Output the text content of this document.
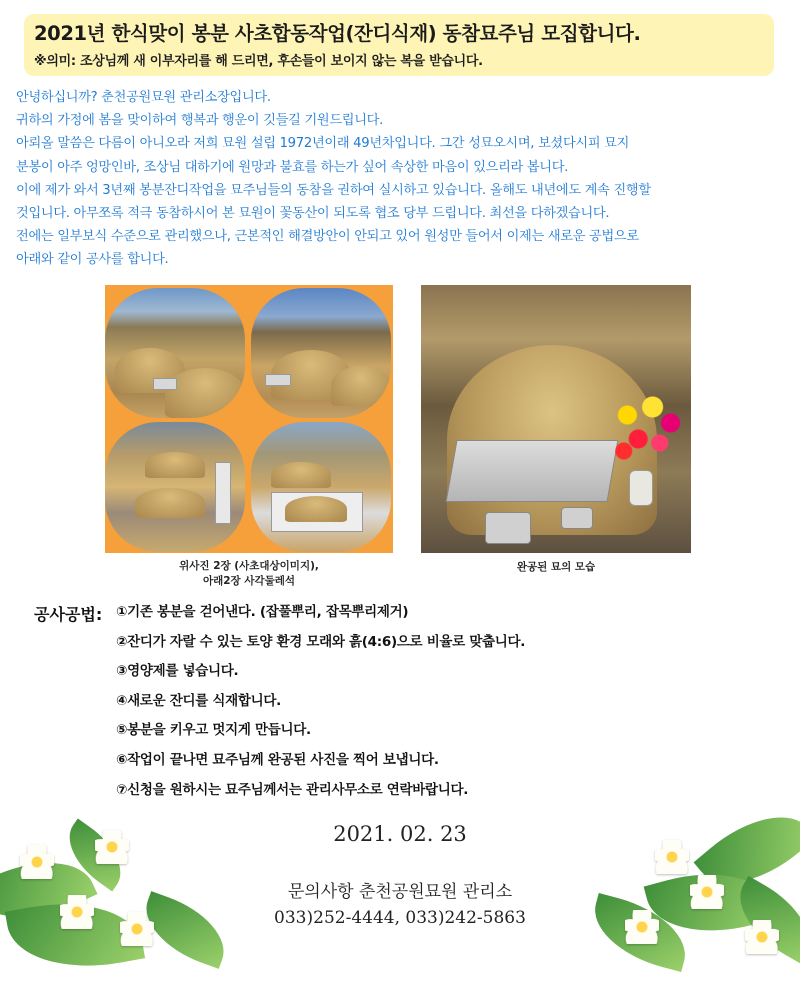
2021년 한식맞이 봉분 사초합동작업(잔디식재) 동참묘주님 모집합니다.
※의미: 조상님께 새 이부자리를 해 드리면, 후손들이 보이지 않는 복을 받습니다.
안녕하십니까? 춘천공원묘원 관리소장입니다.
귀하의 가정에 봄을 맞이하여 행복과 행운이 깃들길 기원드립니다.
아뢰올 말씀은 다름이 아니오라 저희 묘원 설립 1972년이래 49년차입니다. 그간 성묘오시며, 보셨다시피 묘지
분봉이 아주 엉망인바, 조상님 대하기에 원망과 불효를 하는가 싶어 속상한 마음이 있으리라 봅니다.
이에 제가 와서 3년째 봉분잔디작업을 묘주님들의 동참을 권하여 실시하고 있습니다. 올해도 내년에도 계속 진행할
것입니다. 아무쪼록 적극 동참하시어 본 묘원이 꽃동산이 되도록 협조 당부 드립니다. 최선을 다하겠습니다.
전에는 일부보식 수준으로 관리했으나, 근본적인 해결방안이 안되고 있어 원성만 들어서 이제는 새로운 공법으로
아래와 같이 공사를 합니다.
위사진 2장 (사초대상이미지),
아래2장 사각둘레석
완공된 묘의 모습
공사공법: ①기존 봉분을 걷어낸다. (잡풀뿌리, 잡목뿌리제거)
②잔디가 자랄 수 있는 토양 환경 모래와 흙(4:6)으로 비율로 맞춥니다.
③영양제를 넣습니다.
④새로운 잔디를 식재합니다.
⑤봉분을 키우고 멋지게 만듭니다.
⑥작업이 끝나면 묘주님께 완공된 사진을 찍어 보냅니다.
⑦신청을 원하시는 묘주님께서는 관리사무소로 연락바랍니다.
2021. 02. 23
문의사항 춘천공원묘원 관리소
033)252-4444, 033)242-5863
